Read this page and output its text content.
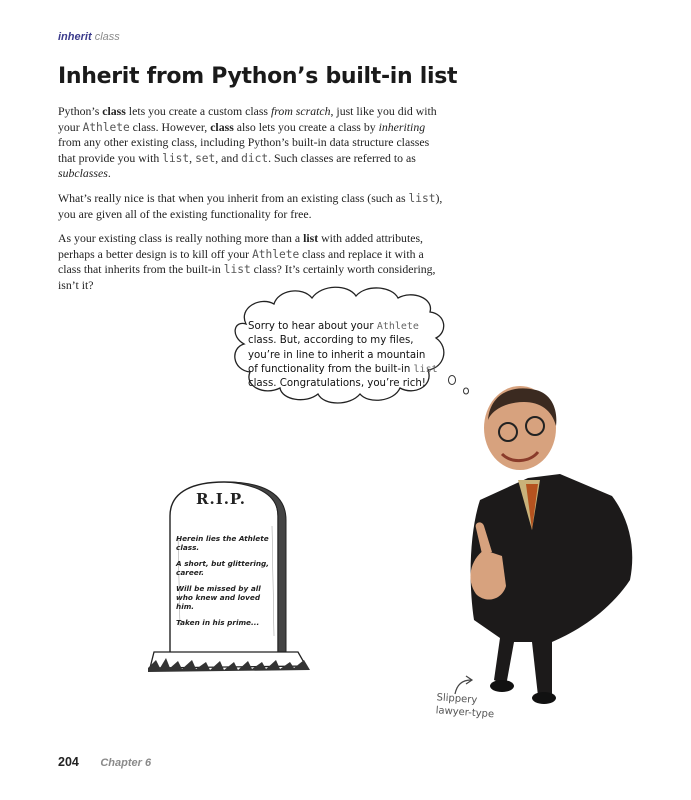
inherit class
Inherit from Python’s built-in list

Python’s class lets you create a custom class from scratch, just like you did with your Athlete class. However, class also lets you create a class by inheriting from any other existing class, including Python’s built-in data structure classes that provide you with list, set, and dict. Such classes are referred to as subclasses.

What’s really nice is that when you inherit from an existing class (such as list), you are given all of the existing functionality for free.

As your existing class is really nothing more than a list with added attributes, perhaps a better design is to kill off your Athlete class and replace it with a class that inherits from the built-in list class? It’s certainly worth considering, isn’t it?

Sorry to hear about your Athlete class. But, according to my files, you’re in line to inherit a mountain of functionality from the built-in list class. Congratulations, you’re rich!
R.I.P.
Herein lies the Athlete class.
A short, but glittering, career.
Will be missed by all who knew and loved him.
Taken in his prime...
Slippery lawyer-type
204 Chapter 6
